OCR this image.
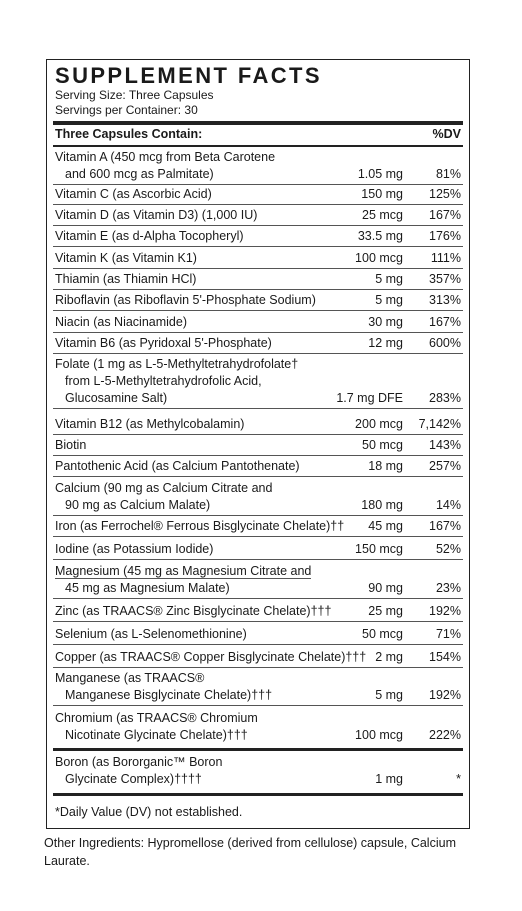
SUPPLEMENT FACTS
Serving Size: Three Capsules
Servings per Container: 30
Three Capsules Contain:	%DV
Vitamin A (450 mcg from Beta Carotene
and 600 mcg as Palmitate)	1.05 mg	81%
Vitamin C (as Ascorbic Acid)	150 mg 125%
Vitamin D (as Vitamin D3) (1,000 IU)	25 mcg 167%
Vitamin E (as d-Alpha Tocopheryl)	33.5 mg 176%
Vitamin K (as Vitamin K1)	100 mcg 111%
Thiamin (as Thiamin HCl)	5 mg 357%
Riboflavin (as Riboflavin 5'-Phosphate Sodium)	5 mg 313%
Niacin (as Niacinamide)	30 mg 167%
Vitamin B6 (as Pyridoxal 5'-Phosphate)	12 mg 600%
Folate (1 mg as L-5-Methyltetrahydrofolate†
from L-5-Methyltetrahydrofolic Acid,
Glucosamine Salt)	1.7 mg DFE 283%
Vitamin B12 (as Methylcobalamin)	200 mcg 7,142%
Biotin	50 mcg 143%
Pantothenic Acid (as Calcium Pantothenate)	18 mg 257%
Calcium (90 mg as Calcium Citrate and
90 mg as Calcium Malate)	180 mg	14%
Iron (as Ferrochel® Ferrous Bisglycinate Chelate)†† 45 mg 167%
Iodine (as Potassium Iodide)	150 mcg	52%
Magnesium (45 mg as Magnesium Citrate and
45 mg as Magnesium Malate)	90 mg	23%
Zinc (as TRAACS® Zinc Bisglycinate Chelate)†††	25 mg 192%
Selenium (as L-Selenomethionine)	50 mcg	71%
Copper (as TRAACS® Copper Bisglycinate Chelate)††† 2 mg 154%
Manganese (as TRAACS®
Manganese Bisglycinate Chelate)†††	5 mg 192%
Chromium (as TRAACS® Chromium
Nicotinate Glycinate Chelate)†††	100 mcg 222%
Boron (as Bororganic™ Boron
Glycinate Complex)††††	1 mg	*
*Daily Value (DV) not established.
Other Ingredients: Hypromellose (derived from cellulose) capsule, Calcium Laurate.
